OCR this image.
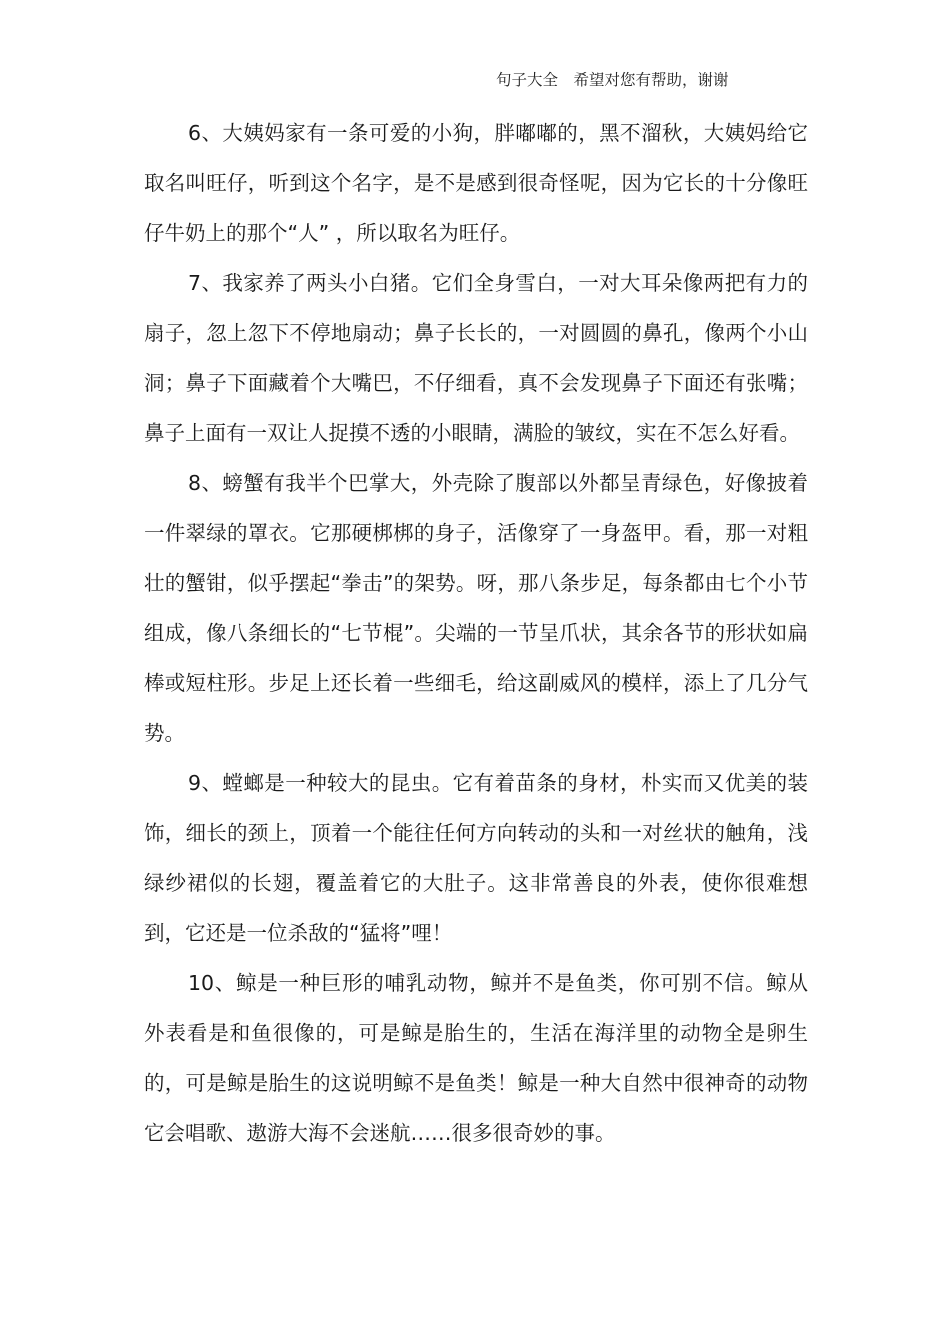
句子大全　希望对您有帮助，谢谢

6、大姨妈家有一条可爱的小狗，胖嘟嘟的，黑不溜秋，大姨妈给它取名叫旺仔，听到这个名字，是不是感到很奇怪呢，因为它长的十分像旺仔牛奶上的那个“人” ，所以取名为旺仔。

7、我家养了两头小白猪。它们全身雪白，一对大耳朵像两把有力的扇子，忽上忽下不停地扇动；鼻子长长的，一对圆圆的鼻孔，像两个小山洞；鼻子下面藏着个大嘴巴，不仔细看，真不会发现鼻子下面还有张嘴；鼻子上面有一双让人捉摸不透的小眼睛，满脸的皱纹，实在不怎么好看。

8、螃蟹有我半个巴掌大，外壳除了腹部以外都呈青绿色，好像披着一件翠绿的罩衣。它那硬梆梆的身子，活像穿了一身盔甲。看，那一对粗壮的蟹钳，似乎摆起“拳击”的架势。呀，那八条步足，每条都由七个小节组成，像八条细长的“七节棍”。尖端的一节呈爪状，其余各节的形状如扁棒或短柱形。步足上还长着一些细毛，给这副威风的模样，添上了几分气势。

9、螳螂是一种较大的昆虫。它有着苗条的身材，朴实而又优美的装饰，细长的颈上，顶着一个能往任何方向转动的头和一对丝状的触角，浅绿纱裙似的长翅，覆盖着它的大肚子。这非常善良的外表，使你很难想到，它还是一位杀敌的“猛将”哩！

10、鲸是一种巨形的哺乳动物，鲸并不是鱼类，你可别不信。鲸从外表看是和鱼很像的，可是鲸是胎生的，生活在海洋里的动物全是卵生的，可是鲸是胎生的这说明鲸不是鱼类！鲸是一种大自然中很神奇的动物它会唱歌、遨游大海不会迷航……很多很奇妙的事。
